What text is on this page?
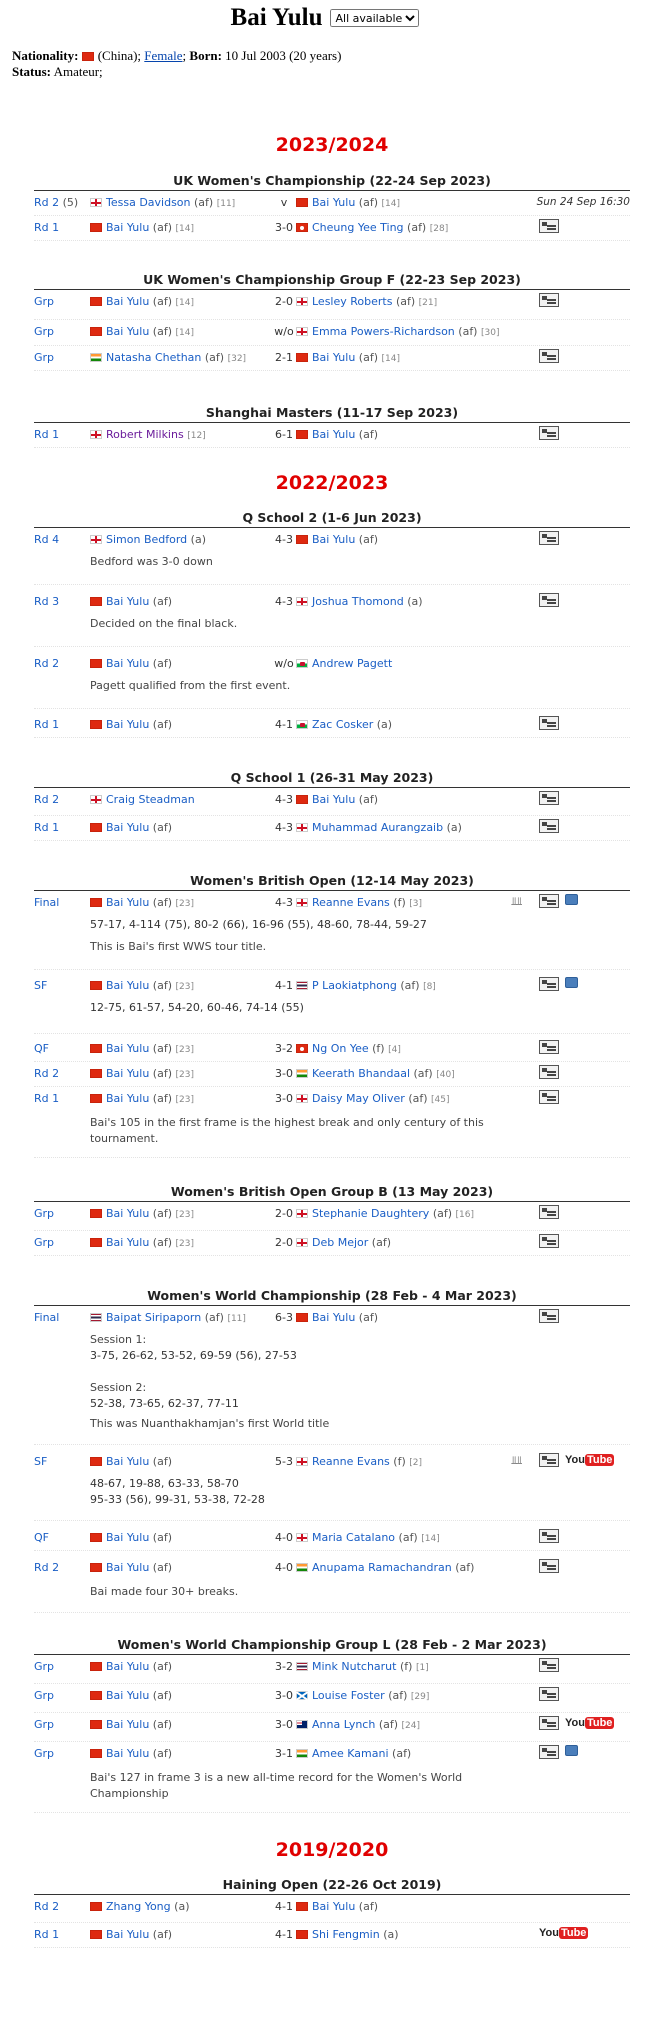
Bai Yulu
All available
Nationality: (China); Female; Born: 10 Jul 2003 (20 years)
Status: Amateur;
2023/2024
UK Women's Championship (22-24 Sep 2023)
Rd 2 (5)	Tessa Davidson (af) [11]	v	Bai Yulu (af) [14]	Sun 24 Sep 16:30
Rd 1	Bai Yulu (af) [14]	3-0	Cheung Yee Ting (af) [28]
UK Women's Championship Group F (22-23 Sep 2023)
Grp	Bai Yulu (af) [14]	2-0	Lesley Roberts (af) [21]
Grp	Bai Yulu (af) [14]	w/o	Emma Powers-Richardson (af) [30]
Grp	Natasha Chethan (af) [32]	2-1	Bai Yulu (af) [14]
Shanghai Masters (11-17 Sep 2023)
Rd 1	Robert Milkins [12]	6-1	Bai Yulu (af)
2022/2023
Q School 2 (1-6 Jun 2023)
Rd 4	Simon Bedford (a)	4-3	Bai Yulu (af)
Bedford was 3-0 down
Rd 3	Bai Yulu (af)	4-3	Joshua Thomond (a)
Decided on the final black.
Rd 2	Bai Yulu (af)	w/o	Andrew Pagett
Pagett qualified from the first event.
Rd 1	Bai Yulu (af)	4-1	Zac Cosker (a)
Q School 1 (26-31 May 2023)
Rd 2	Craig Steadman	4-3	Bai Yulu (af)
Rd 1	Bai Yulu (af)	4-3	Muhammad Aurangzaib (a)
Women's British Open (12-14 May 2023)
Final	Bai Yulu (af) [23]	4-3	Reanne Evans (f) [3]	⫫⫫
57-17, 4-114 (75), 80-2 (66), 16-96 (55), 48-60, 78-44, 59-27
This is Bai's first WWS tour title.
SF	Bai Yulu (af) [23]	4-1	P Laokiatphong (af) [8]
12-75, 61-57, 54-20, 60-46, 74-14 (55)
QF	Bai Yulu (af) [23]	3-2	Ng On Yee (f) [4]
Rd 2	Bai Yulu (af) [23]	3-0	Keerath Bhandaal (af) [40]
Rd 1	Bai Yulu (af) [23]	3-0	Daisy May Oliver (af) [45]
Bai's 105 in the first frame is the highest break and only century of this tournament.
Women's British Open Group B (13 May 2023)
Grp	Bai Yulu (af) [23]	2-0	Stephanie Daughtery (af) [16]
Grp	Bai Yulu (af) [23]	2-0	Deb Mejor (af)
Women's World Championship (28 Feb - 4 Mar 2023)
Final	Baipat Siripaporn (af) [11]	6-3	Bai Yulu (af)
Session 1:
3-75, 26-62, 53-52, 69-59 (56), 27-53
Session 2:
52-38, 73-65, 62-37, 77-11
This was Nuanthakhamjan's first World title
SF	Bai Yulu (af)	5-3	Reanne Evans (f) [2]	⫫⫫	You Tube
48-67, 19-88, 63-33, 58-70
95-33 (56), 99-31, 53-38, 72-28
QF	Bai Yulu (af)	4-0	Maria Catalano (af) [14]
Rd 2	Bai Yulu (af)	4-0	Anupama Ramachandran (af)
Bai made four 30+ breaks.
Women's World Championship Group L (28 Feb - 2 Mar 2023)
Grp	Bai Yulu (af)	3-2	Mink Nutcharut (f) [1]
Grp	Bai Yulu (af)	3-0	Louise Foster (af) [29]
Grp	Bai Yulu (af)	3-0	Anna Lynch (af) [24]	You Tube
Grp	Bai Yulu (af)	3-1	Amee Kamani (af)
Bai's 127 in frame 3 is a new all-time record for the Women's World Championship
2019/2020
Haining Open (22-26 Oct 2019)
Rd 2	Zhang Yong (a)	4-1	Bai Yulu (af)
Rd 1	Bai Yulu (af)	4-1	Shi Fengmin (a)	You Tube
